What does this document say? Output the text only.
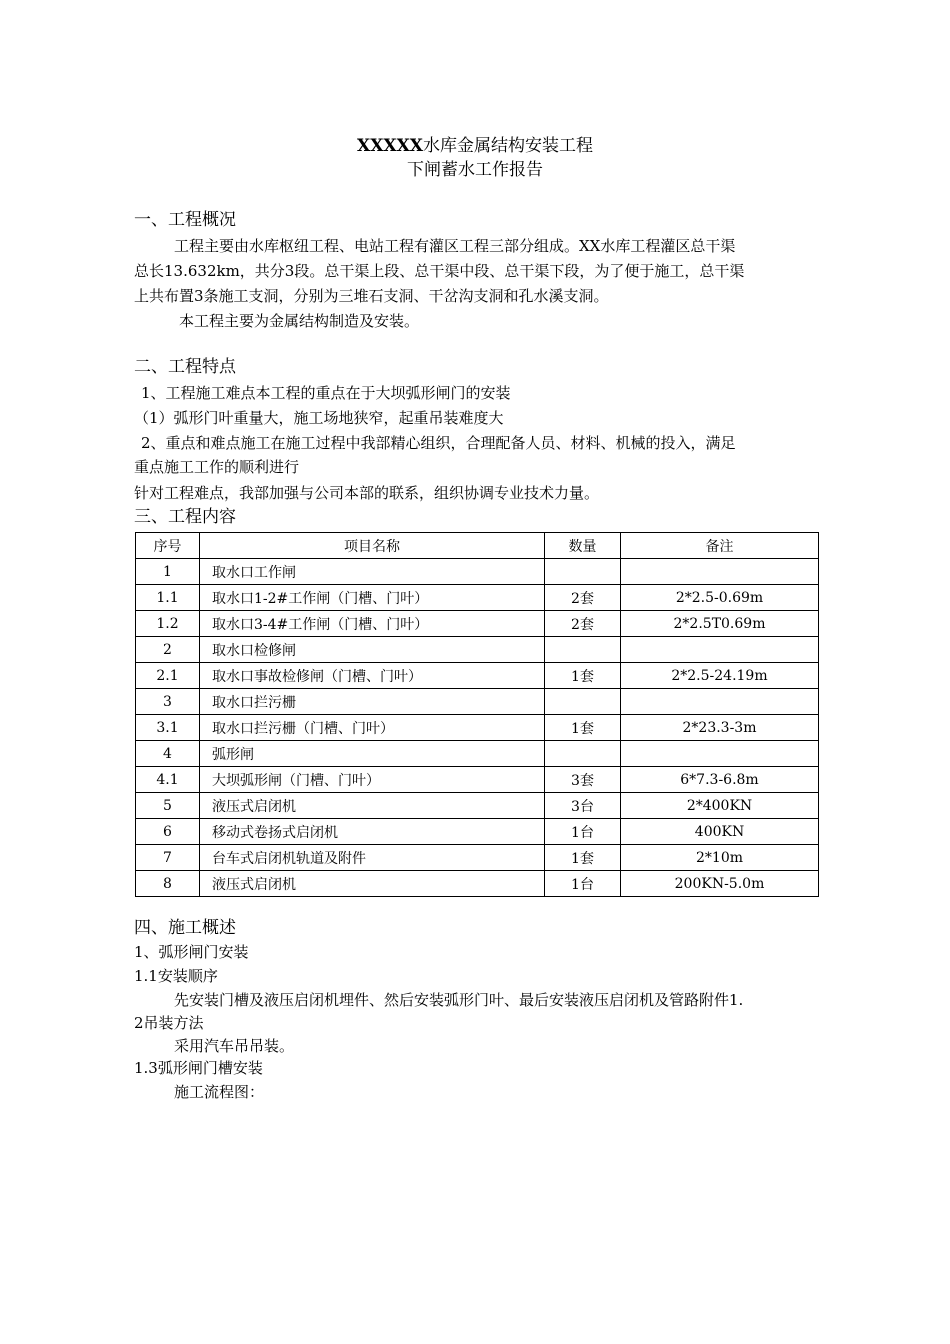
XXXXX水库金属结构安装工程
下闸蓄水工作报告
一、工程概况
工程主要由水库枢纽工程、电站工程有灌区工程三部分组成。XX水库工程灌区总干渠
总长13.632km，共分3段。总干渠上段、总干渠中段、总干渠下段，为了便于施工，总干渠
上共布置3条施工支洞，分别为三堆石支洞、干岔沟支洞和孔水溪支洞。
本工程主要为金属结构制造及安装。
二、工程特点
1、工程施工难点本工程的重点在于大坝弧形闸门的安装
（1）弧形门叶重量大，施工场地狭窄，起重吊装难度大
2、重点和难点施工在施工过程中我部精心组织，合理配备人员、材料、机械的投入，满足
重点施工工作的顺利进行
针对工程难点，我部加强与公司本部的联系，组织协调专业技术力量。
三、工程内容
序号	项目名称	数量	备注
1	取水口工作闸		
1.1	取水口1-2#工作闸（门槽、门叶）	2套	2*2.5-0.69m
1.2	取水口3-4#工作闸（门槽、门叶）	2套	2*2.5T0.69m
2	取水口检修闸		
2.1	取水口事故检修闸（门槽、门叶）	1套	2*2.5-24.19m
3	取水口拦污栅		
3.1	取水口拦污栅（门槽、门叶）	1套	2*23.3-3m
4	弧形闸		
4.1	大坝弧形闸（门槽、门叶）	3套	6*7.3-6.8m
5	液压式启闭机	3台	2*400KN
6	移动式卷扬式启闭机	1台	400KN
7	台车式启闭机轨道及附件	1套	2*10m
8	液压式启闭机	1台	200KN-5.0m
四、施工概述
1、弧形闸门安装
1.1安装顺序
先安装门槽及液压启闭机埋件、然后安装弧形门叶、最后安装液压启闭机及管路附件1.
2吊装方法
采用汽车吊吊装。
1.3弧形闸门槽安装
施工流程图：
